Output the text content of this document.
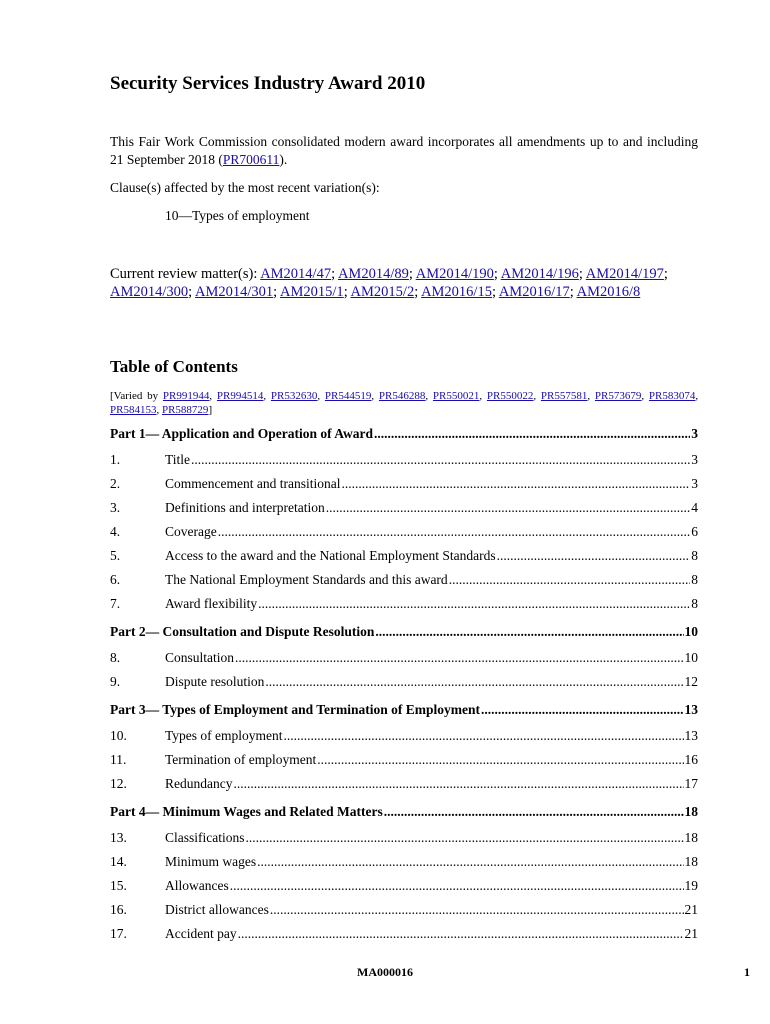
Security Services Industry Award 2010
This Fair Work Commission consolidated modern award incorporates all amendments up to and including 21 September 2018 (PR700611).
Clause(s) affected by the most recent variation(s):
10—Types of employment
Current review matter(s): AM2014/47; AM2014/89; AM2014/190; AM2014/196; AM2014/197; AM2014/300; AM2014/301; AM2015/1; AM2015/2; AM2016/15; AM2016/17; AM2016/8
Table of Contents
[Varied by PR991944, PR994514, PR532630, PR544519, PR546288, PR550021, PR550022, PR557581, PR573679, PR583074, PR584153, PR588729]
Part 1— Application and Operation of Award .....	3
1.	Title .....	3
2.	Commencement and transitional .....	3
3.	Definitions and interpretation .....	4
4.	Coverage .....	6
5.	Access to the award and the National Employment Standards .....	8
6.	The National Employment Standards and this award .....	8
7.	Award flexibility .....	8
Part 2— Consultation and Dispute Resolution .....	10
8.	Consultation .....	10
9.	Dispute resolution .....	12
Part 3— Types of Employment and Termination of Employment .....	13
10.	Types of employment .....	13
11.	Termination of employment .....	16
12.	Redundancy .....	17
Part 4— Minimum Wages and Related Matters .....	18
13.	Classifications .....	18
14.	Minimum wages .....	18
15.	Allowances .....	19
16.	District allowances .....	21
17.	Accident pay .....	21
MA000016	1
